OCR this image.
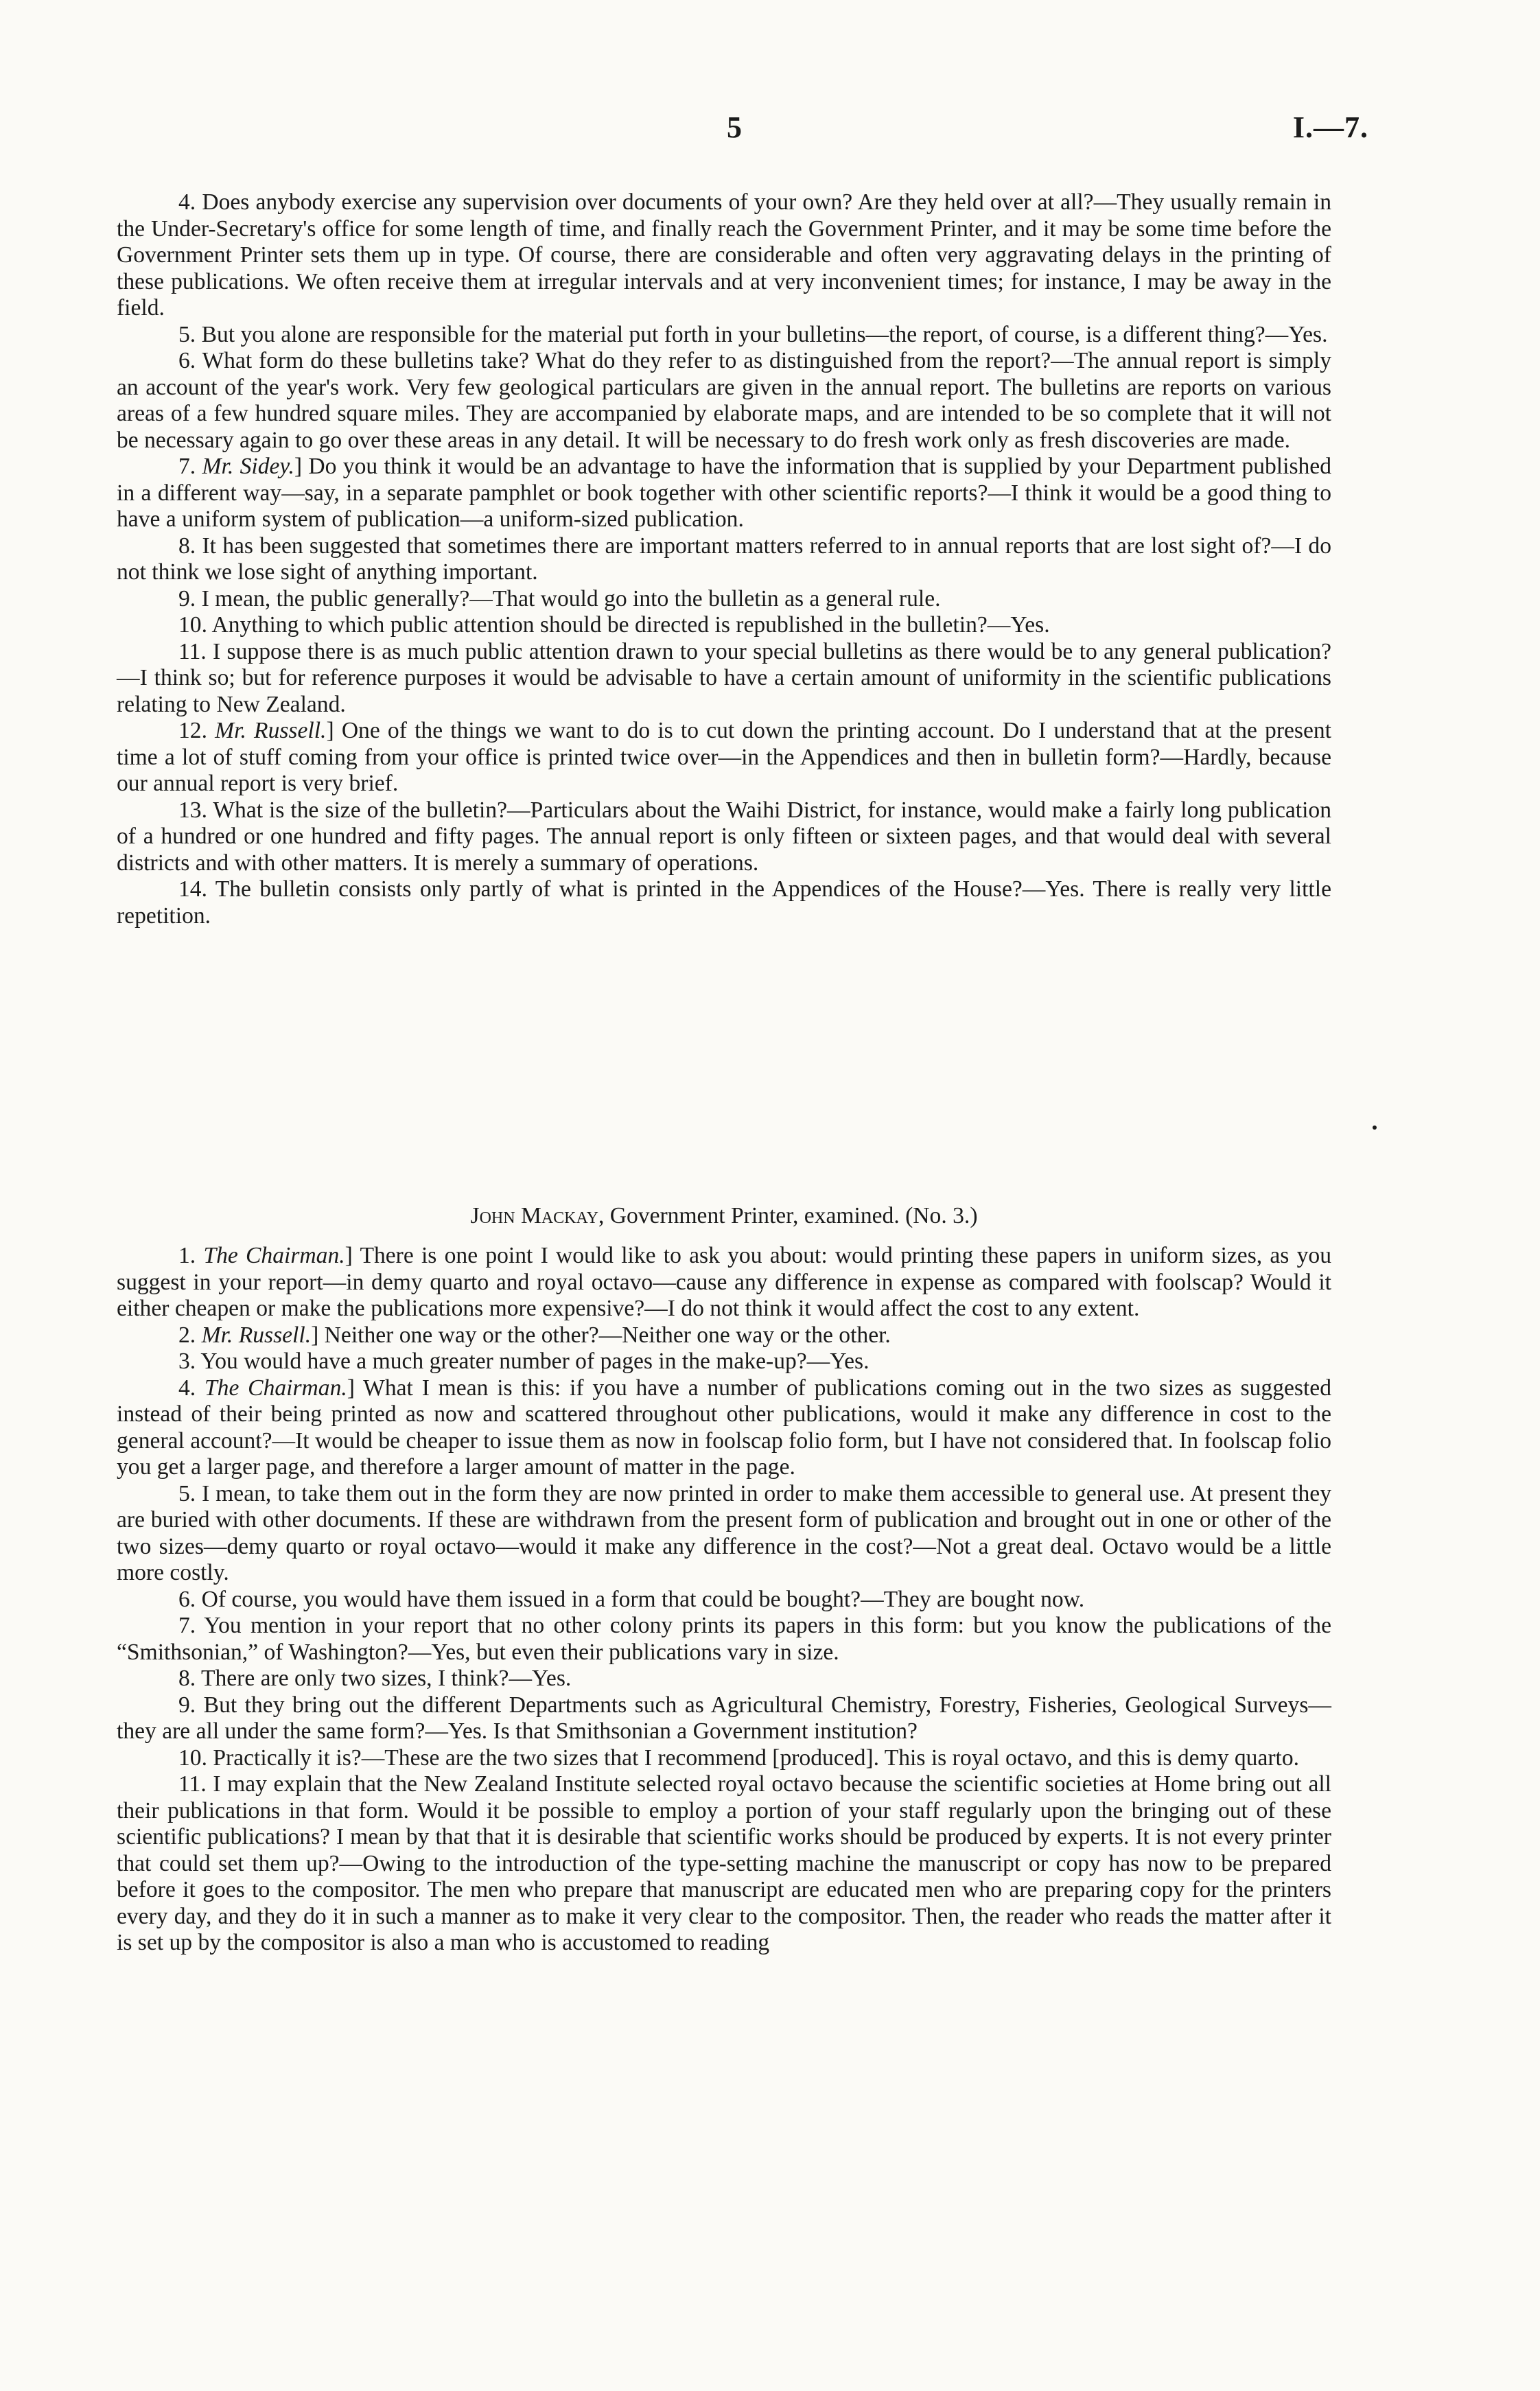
5	I.—7.

4. Does anybody exercise any supervision over documents of your own? Are they held over at all?—They usually remain in the Under-Secretary's office for some length of time, and finally reach the Government Printer, and it may be some time before the Government Printer sets them up in type. Of course, there are considerable and often very aggravating delays in the printing of these publications. We often receive them at irregular intervals and at very inconvenient times; for instance, I may be away in the field.

5. But you alone are responsible for the material put forth in your bulletins—the report, of course, is a different thing?—Yes.

6. What form do these bulletins take? What do they refer to as distinguished from the report?—The annual report is simply an account of the year's work. Very few geological particulars are given in the annual report. The bulletins are reports on various areas of a few hundred square miles. They are accompanied by elaborate maps, and are intended to be so complete that it will not be necessary again to go over these areas in any detail. It will be necessary to do fresh work only as fresh discoveries are made.

7. Mr. Sidey.] Do you think it would be an advantage to have the information that is supplied by your Department published in a different way—say, in a separate pamphlet or book together with other scientific reports?—I think it would be a good thing to have a uniform system of publication—a uniform-sized publication.

8. It has been suggested that sometimes there are important matters referred to in annual reports that are lost sight of?—I do not think we lose sight of anything important.

9. I mean, the public generally?—That would go into the bulletin as a general rule.

10. Anything to which public attention should be directed is republished in the bulletin?—Yes.

11. I suppose there is as much public attention drawn to your special bulletins as there would be to any general publication?—I think so; but for reference purposes it would be advisable to have a certain amount of uniformity in the scientific publications relating to New Zealand.

12. Mr. Russell.] One of the things we want to do is to cut down the printing account. Do I understand that at the present time a lot of stuff coming from your office is printed twice over—in the Appendices and then in bulletin form?—Hardly, because our annual report is very brief.

13. What is the size of the bulletin?—Particulars about the Waihi District, for instance, would make a fairly long publication of a hundred or one hundred and fifty pages. The annual report is only fifteen or sixteen pages, and that would deal with several districts and with other matters. It is merely a summary of operations.

14. The bulletin consists only partly of what is printed in the Appendices of the House?—Yes. There is really very little repetition.

John Mackay, Government Printer, examined. (No. 3.)

1. The Chairman.] There is one point I would like to ask you about: would printing these papers in uniform sizes, as you suggest in your report—in demy quarto and royal octavo—cause any difference in expense as compared with foolscap? Would it either cheapen or make the publications more expensive?—I do not think it would affect the cost to any extent.

2. Mr. Russell.] Neither one way or the other?—Neither one way or the other.

3. You would have a much greater number of pages in the make-up?—Yes.

4. The Chairman.] What I mean is this: if you have a number of publications coming out in the two sizes as suggested instead of their being printed as now and scattered throughout other publications, would it make any difference in cost to the general account?—It would be cheaper to issue them as now in foolscap folio form, but I have not considered that. In foolscap folio you get a larger page, and therefore a larger amount of matter in the page.

5. I mean, to take them out in the form they are now printed in order to make them accessible to general use. At present they are buried with other documents. If these are withdrawn from the present form of publication and brought out in one or other of the two sizes—demy quarto or royal octavo—would it make any difference in the cost?—Not a great deal. Octavo would be a little more costly.

6. Of course, you would have them issued in a form that could be bought?—They are bought now.

7. You mention in your report that no other colony prints its papers in this form: but you know the publications of the “Smithsonian,” of Washington?—Yes, but even their publications vary in size.

8. There are only two sizes, I think?—Yes.

9. But they bring out the different Departments such as Agricultural Chemistry, Forestry, Fisheries, Geological Surveys—they are all under the same form?—Yes. Is that Smithsonian a Government institution?

10. Practically it is?—These are the two sizes that I recommend [produced]. This is royal octavo, and this is demy quarto.

11. I may explain that the New Zealand Institute selected royal octavo because the scientific societies at Home bring out all their publications in that form. Would it be possible to employ a portion of your staff regularly upon the bringing out of these scientific publications? I mean by that that it is desirable that scientific works should be produced by experts. It is not every printer that could set them up?—Owing to the introduction of the type-setting machine the manuscript or copy has now to be prepared before it goes to the compositor. The men who prepare that manuscript are educated men who are preparing copy for the printers every day, and they do it in such a manner as to make it very clear to the compositor. Then, the reader who reads the matter after it is set up by the compositor is also a man who is accustomed to reading
